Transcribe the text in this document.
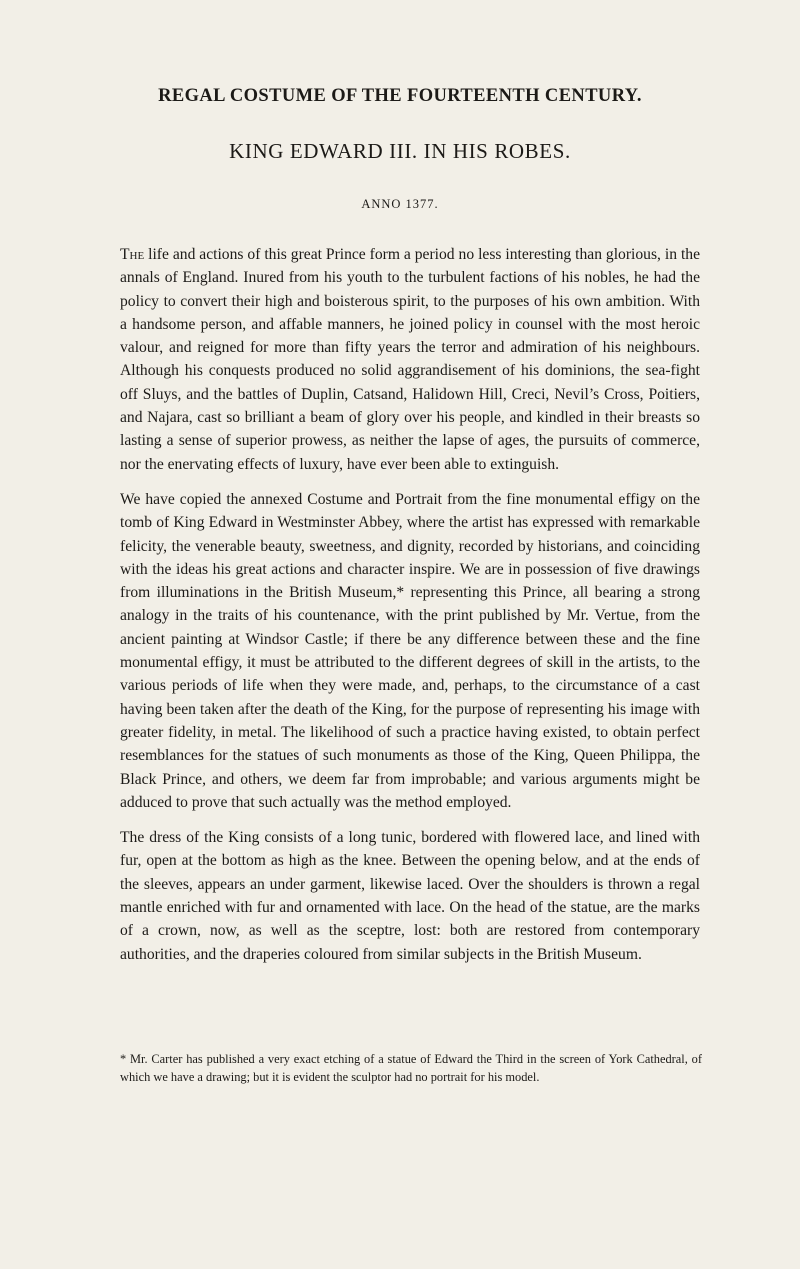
REGAL COSTUME OF THE FOURTEENTH CENTURY.
KING EDWARD III. IN HIS ROBES.
ANNO 1377.

The life and actions of this great Prince form a period no less interesting than glorious, in the annals of England. Inured from his youth to the turbulent factions of his nobles, he had the policy to convert their high and boisterous spirit, to the purposes of his own ambition. With a handsome person, and affable manners, he joined policy in counsel with the most heroic valour, and reigned for more than fifty years the terror and admiration of his neighbours. Although his conquests produced no solid aggrandisement of his dominions, the sea-fight off Sluys, and the battles of Duplin, Catsand, Halidown Hill, Creci, Nevil’s Cross, Poitiers, and Najara, cast so brilliant a beam of glory over his people, and kindled in their breasts so lasting a sense of superior prowess, as neither the lapse of ages, the pursuits of commerce, nor the enervating effects of luxury, have ever been able to extinguish.

We have copied the annexed Costume and Portrait from the fine monumental effigy on the tomb of King Edward in Westminster Abbey, where the artist has expressed with remarkable felicity, the venerable beauty, sweetness, and dignity, recorded by historians, and coinciding with the ideas his great actions and character inspire. We are in possession of five drawings from illuminations in the British Museum,* representing this Prince, all bearing a strong analogy in the traits of his countenance, with the print published by Mr. Vertue, from the ancient painting at Windsor Castle; if there be any difference between these and the fine monumental effigy, it must be attributed to the different degrees of skill in the artists, to the various periods of life when they were made, and, perhaps, to the circumstance of a cast having been taken after the death of the King, for the purpose of representing his image with greater fidelity, in metal. The likelihood of such a practice having existed, to obtain perfect resemblances for the statues of such monuments as those of the King, Queen Philippa, the Black Prince, and others, we deem far from improbable; and various arguments might be adduced to prove that such actually was the method employed.

The dress of the King consists of a long tunic, bordered with flowered lace, and lined with fur, open at the bottom as high as the knee. Between the opening below, and at the ends of the sleeves, appears an under garment, likewise laced. Over the shoulders is thrown a regal mantle enriched with fur and ornamented with lace. On the head of the statue, are the marks of a crown, now, as well as the sceptre, lost: both are restored from contemporary authorities, and the draperies coloured from similar subjects in the British Museum.

* Mr. Carter has published a very exact etching of a statue of Edward the Third in the screen of York Cathedral, of which we have a drawing; but it is evident the sculptor had no portrait for his model.
